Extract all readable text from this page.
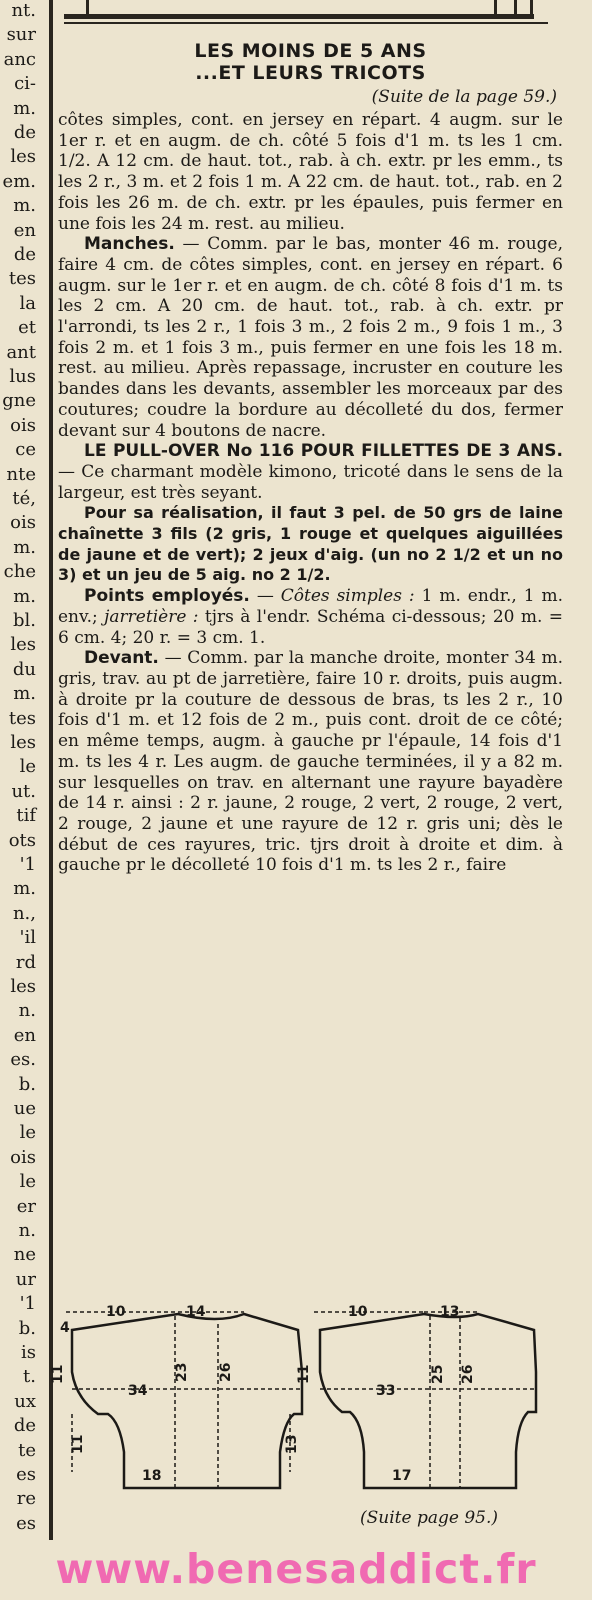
nt.
sur
anc
ci-
m.
de
les
em.
m.
en
de
tes
la
et
ant
lus
gne
ois
ce
nte
té,
ois
m.
che
m.
bl.
les
du
m.
tes
les
le
ut.
tif
ots
'1
m.
n.,
'il
rd
les
n.
en
es.
b.
ue
le
ois
le
er
n.
ne
ur
'1
b.
is
t.
ux
de
te
es
re
es
LES MOINS DE 5 ANS
...ET LEURS TRICOTS
(Suite de la page 59.)

côtes simples, cont. en jersey en répart. 4 augm. sur le 1er r. et en augm. de ch. côté 5 fois d'1 m. ts les 1 cm. 1/2. A 12 cm. de haut. tot., rab. à ch. extr. pr les emm., ts les 2 r., 3 m. et 2 fois 1 m. A 22 cm. de haut. tot., rab. en 2 fois les 26 m. de ch. extr. pr les épaules, puis fermer en une fois les 24 m. rest. au milieu.

Manches. — Comm. par le bas, monter 46 m. rouge, faire 4 cm. de côtes simples, cont. en jersey en répart. 6 augm. sur le 1er r. et en augm. de ch. côté 8 fois d'1 m. ts les 2 cm. A 20 cm. de haut. tot., rab. à ch. extr. pr l'arrondi, ts les 2 r., 1 fois 3 m., 2 fois 2 m., 9 fois 1 m., 3 fois 2 m. et 1 fois 3 m., puis fermer en une fois les 18 m. rest. au milieu. Après repassage, incruster en couture les bandes dans les devants, assembler les morceaux par des coutures; coudre la bordure au décolleté du dos, fermer devant sur 4 boutons de nacre.

LE PULL-OVER No 116 POUR FILLETTES DE 3 ANS. — Ce charmant modèle kimono, tricoté dans le sens de la largeur, est très seyant.

Pour sa réalisation, il faut 3 pel. de 50 grs de laine chaînette 3 fils (2 gris, 1 rouge et quelques aiguillées de jaune et de vert); 2 jeux d'aig. (un no 2 1/2 et un no 3) et un jeu de 5 aig. no 2 1/2.

Points employés. — Côtes simples : 1 m. endr., 1 m. env.; jarretière : tjrs à l'endr. Schéma ci-dessous; 20 m. = 6 cm. 4; 20 r. = 3 cm. 1.

Devant. — Comm. par la manche droite, monter 34 m. gris, trav. au pt de jarretière, faire 10 r. droits, puis augm. à droite pr la couture de dessous de bras, ts les 2 r., 10 fois d'1 m. et 12 fois de 2 m., puis cont. droit de ce côté; en même temps, augm. à gauche pr l'épaule, 14 fois d'1 m. ts les 4 r. Les augm. de gauche terminées, il y a 82 m. sur lesquelles on trav. en alternant une rayure bayadère de 14 r. ainsi : 2 r. jaune, 2 rouge, 2 vert, 2 rouge, 2 vert, 2 rouge, 2 jaune et une rayure de 12 r. gris uni; dès le début de ces rayures, tric. tjrs droit à droite et dim. à gauche pr le décolleté 10 fois d'1 m. ts les 2 r., faire

10	14
4
11
34
23 26
11
18
13
10	13
11
33
25 26
17
(Suite page 95.)
www.benesaddict.fr
